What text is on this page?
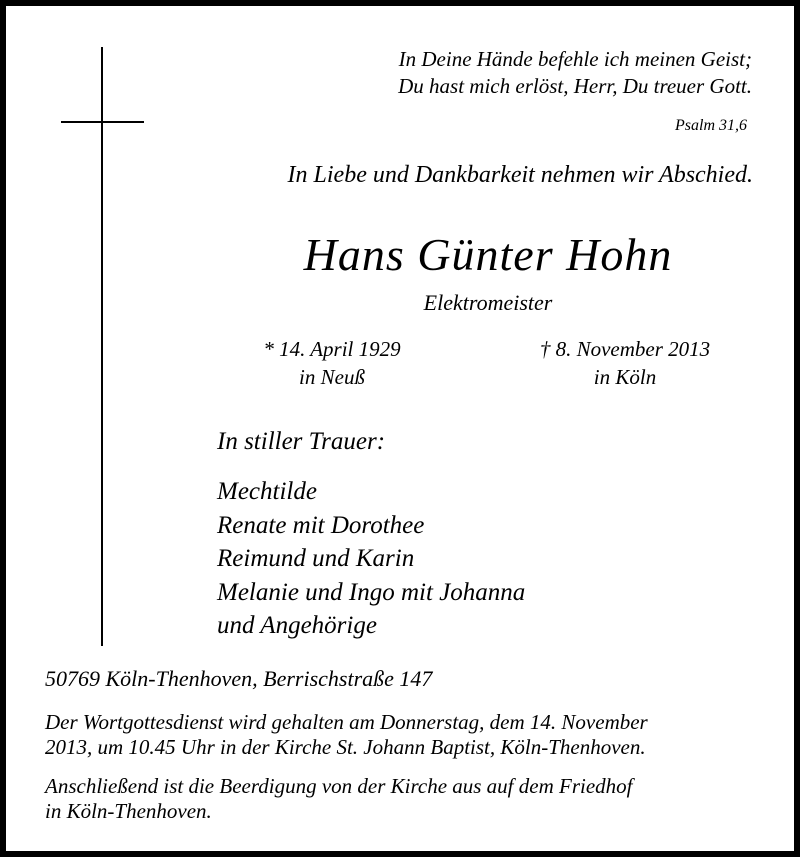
In Deine Hände befehle ich meinen Geist;
Du hast mich erlöst, Herr, Du treuer Gott.
Psalm 31,6
In Liebe und Dankbarkeit nehmen wir Abschied.
Hans Günter Hohn
Elektromeister
* 14. April 1929
in Neuß
† 8. November 2013
in Köln
In stiller Trauer:
Mechtilde
Renate mit Dorothee
Reimund und Karin
Melanie und Ingo mit Johanna
und Angehörige
50769 Köln-Thenhoven, Berrischstraße 147
Der Wortgottesdienst wird gehalten am Donnerstag, dem 14. November
2013, um 10.45 Uhr in der Kirche St. Johann Baptist, Köln-Thenhoven.
Anschließend ist die Beerdigung von der Kirche aus auf dem Friedhof
in Köln-Thenhoven.
